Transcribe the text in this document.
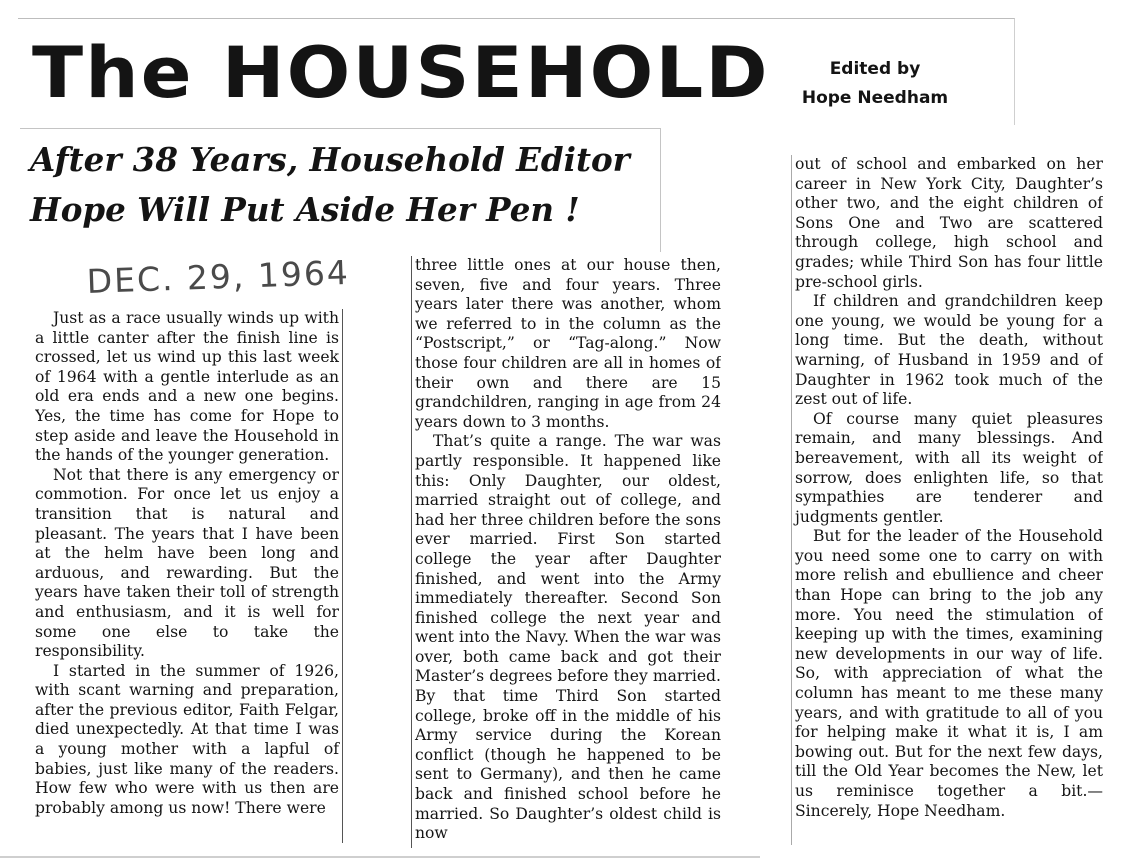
The HOUSEHOLD	Edited by
Hope Needham
After 38 Years, Household Editor
Hope Will Put Aside Her Pen !
DEC. 29, 1964

Just as a race usually winds up with a little canter after the finish line is crossed, let us wind up this last week of 1964 with a gentle interlude as an old era ends and a new one begins. Yes, the time has come for Hope to step aside and leave the Household in the hands of the younger generation.

Not that there is any emergency or commotion. For once let us enjoy a transition that is natural and pleasant. The years that I have been at the helm have been long and arduous, and rewarding. But the years have taken their toll of strength and enthusiasm, and it is well for some one else to take the responsibility.

I started in the summer of 1926, with scant warning and preparation, after the previous editor, Faith Felgar, died unexpectedly. At that time I was a young mother with a lapful of babies, just like many of the readers. How few who were with us then are probably among us now! There were

three little ones at our house then, seven, five and four years. Three years later there was another, whom we referred to in the column as the “Postscript,” or “Tag-along.” Now those four children are all in homes of their own and there are 15 grandchildren, ranging in age from 24 years down to 3 months.

That’s quite a range. The war was partly responsible. It happened like this: Only Daughter, our oldest, married straight out of college, and had her three children before the sons ever married. First Son started college the year after Daughter finished, and went into the Army immediately thereafter. Second Son finished college the next year and went into the Navy. When the war was over, both came back and got their Master’s degrees before they married. By that time Third Son started college, broke off in the middle of his Army service during the Korean conflict (though he happened to be sent to Germany), and then he came back and finished school before he married. So Daughter’s oldest child is now

out of school and embarked on her career in New York City, Daughter’s other two, and the eight children of Sons One and Two are scattered through college, high school and grades; while Third Son has four little pre-school girls.

If children and grandchildren keep one young, we would be young for a long time. But the death, without warning, of Husband in 1959 and of Daughter in 1962 took much of the zest out of life.

Of course many quiet pleasures remain, and many blessings. And bereavement, with all its weight of sorrow, does enlighten life, so that sympathies are tenderer and judgments gentler.

But for the leader of the Household you need some one to carry on with more relish and ebullience and cheer than Hope can bring to the job any more. You need the stimulation of keeping up with the times, examining new developments in our way of life. So, with appreciation of what the column has meant to me these many years, and with gratitude to all of you for helping make it what it is, I am bowing out. But for the next few days, till the Old Year becomes the New, let us reminisce together a bit.—Sincerely, Hope Needham.
